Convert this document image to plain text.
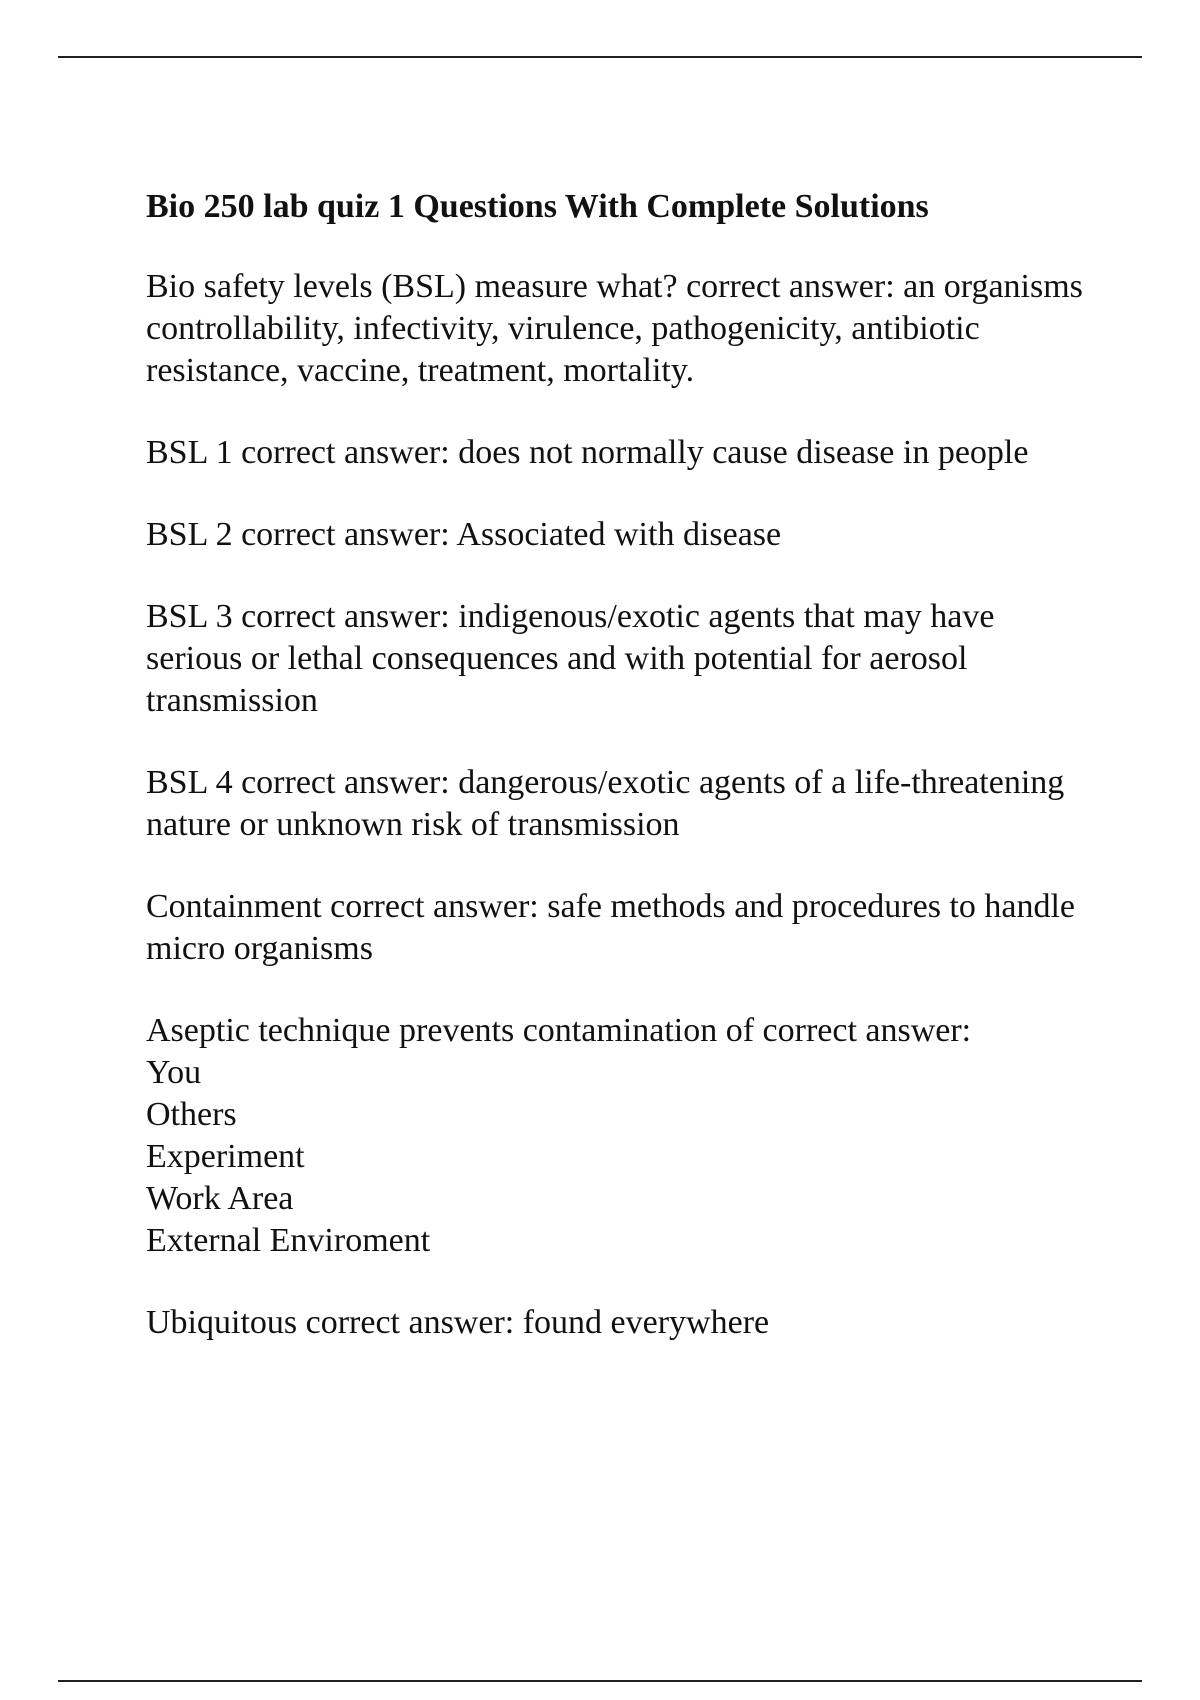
Bio 250 lab quiz 1 Questions With Complete Solutions
Bio safety levels (BSL) measure what? correct answer: an organisms controllability, infectivity, virulence, pathogenicity, antibiotic resistance, vaccine, treatment, mortality.
BSL 1 correct answer: does not normally cause disease in people
BSL 2 correct answer: Associated with disease
BSL 3 correct answer: indigenous/exotic agents that may have serious or lethal consequences and with potential for aerosol transmission
BSL 4 correct answer: dangerous/exotic agents of a life-threatening nature or unknown risk of transmission
Containment correct answer: safe methods and procedures to handle micro organisms
Aseptic technique prevents contamination of correct answer:
You
Others
Experiment
Work Area
External Enviroment
Ubiquitous correct answer: found everywhere
